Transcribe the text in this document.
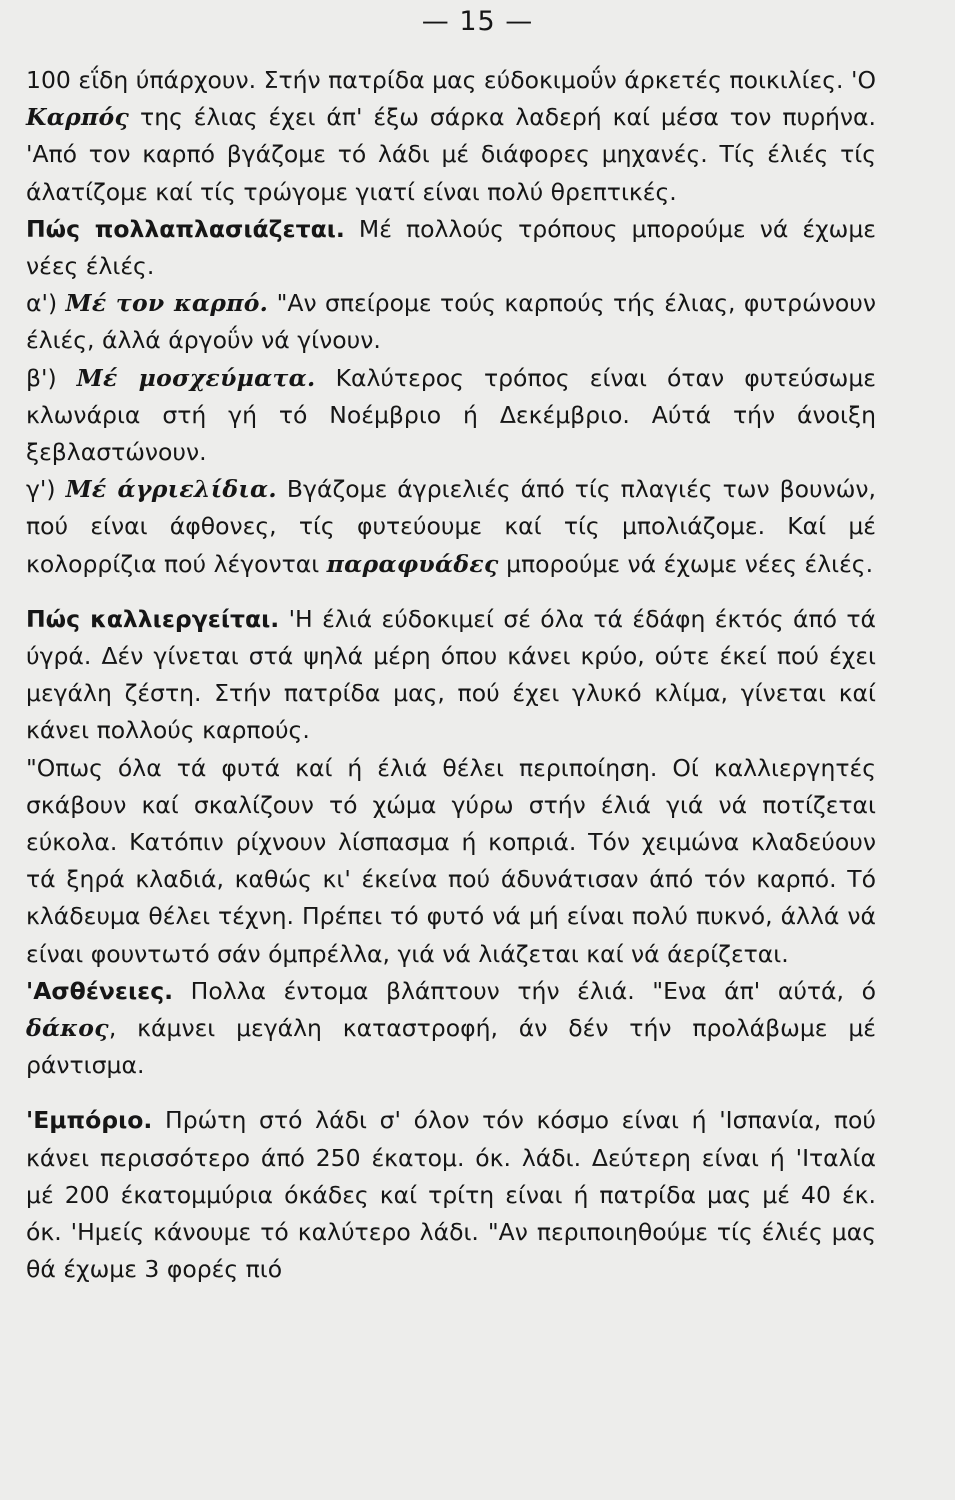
— 15 —

100 εΐδη ύπάρχουν. Στήν πατρίδα μας εύδοκιμοΰν άρκετές ποικιλίες. 'Ο Καρπός της έλιας έχει άπ' έξω σάρκα λαδερή καί μέσα τον πυρήνα. 'Από τον καρπό βγάζομε τό λάδι μέ διάφορες μηχανές. Τίς έλιές τίς άλατίζομε καί τίς τρώγομε γιατί είναι πολύ θρεπτικές.

Πώς πολλαπλασιάζεται. Μέ πολλούς τρόπους μπορούμε νά έχωμε νέες έλιές.

α') Μέ τον καρπό. "Αν σπείρομε τούς καρπούς τής έλιας, φυτρώνουν έλιές, άλλά άργοΰν νά γίνουν.

β') Μέ μοσχεύματα. Καλύτερος τρόπος είναι όταν φυτεύσωμε κλωνάρια στή γή τό Νοέμβριο ή Δεκέμβριο. Αύτά τήν άνοιξη ξεβλαστώνουν.

γ') Μέ άγριελίδια. Βγάζομε άγριελιές άπό τίς πλαγιές των βουνών, πού είναι άφθονες, τίς φυτεύουμε καί τίς μπολιάζομε. Καί μέ κολορρίζια πού λέγονται παραφυάδες μπορούμε νά έχωμε νέες έλιές.

Πώς καλλιεργείται. 'Η έλιά εύδοκιμεί σέ όλα τά έδάφη έκτός άπό τά ύγρά. Δέν γίνεται στά ψηλά μέρη όπου κάνει κρύο, ούτε έκεί πού έχει μεγάλη ζέστη. Στήν πατρίδα μας, πού έχει γλυκό κλίμα, γίνεται καί κάνει πολλούς καρπούς.

"Οπως όλα τά φυτά καί ή έλιά θέλει περιποίηση. Οί καλλιεργητές σκάβουν καί σκαλίζουν τό χώμα γύρω στήν έλιά γιά νά ποτίζεται εύκολα. Κατόπιν ρίχνουν λίσπασμα ή κοπριά. Τόν χειμώνα κλαδεύουν τά ξηρά κλαδιά, καθώς κι' έκείνα πού άδυνάτισαν άπό τόν καρπό. Τό κλάδευμα θέλει τέχνη. Πρέπει τό φυτό νά μή είναι πολύ πυκνό, άλλά νά είναι φουντωτό σάν όμπρέλλα, γιά νά λιάζεται καί νά άερίζεται.

'Ασθένειες. Πολλα έντομα βλάπτουν τήν έλιά. "Ενα άπ' αύτά, ό δάκος, κάμνει μεγάλη καταστροφή, άν δέν τήν προλάβωμε μέ ράντισμα.

'Εμπόριο. Πρώτη στό λάδι σ' όλον τόν κόσμο είναι ή 'Ισπανία, πού κάνει περισσότερο άπό 250 έκατομ. όκ. λάδι. Δεύτερη είναι ή 'Ιταλία μέ 200 έκατομμύρια όκάδες καί τρίτη είναι ή πατρίδα μας μέ 40 έκ. όκ. 'Ημείς κάνουμε τό καλύτερο λάδι. "Αν περιποιηθούμε τίς έλιές μας θά έχωμε 3 φορές πιό
